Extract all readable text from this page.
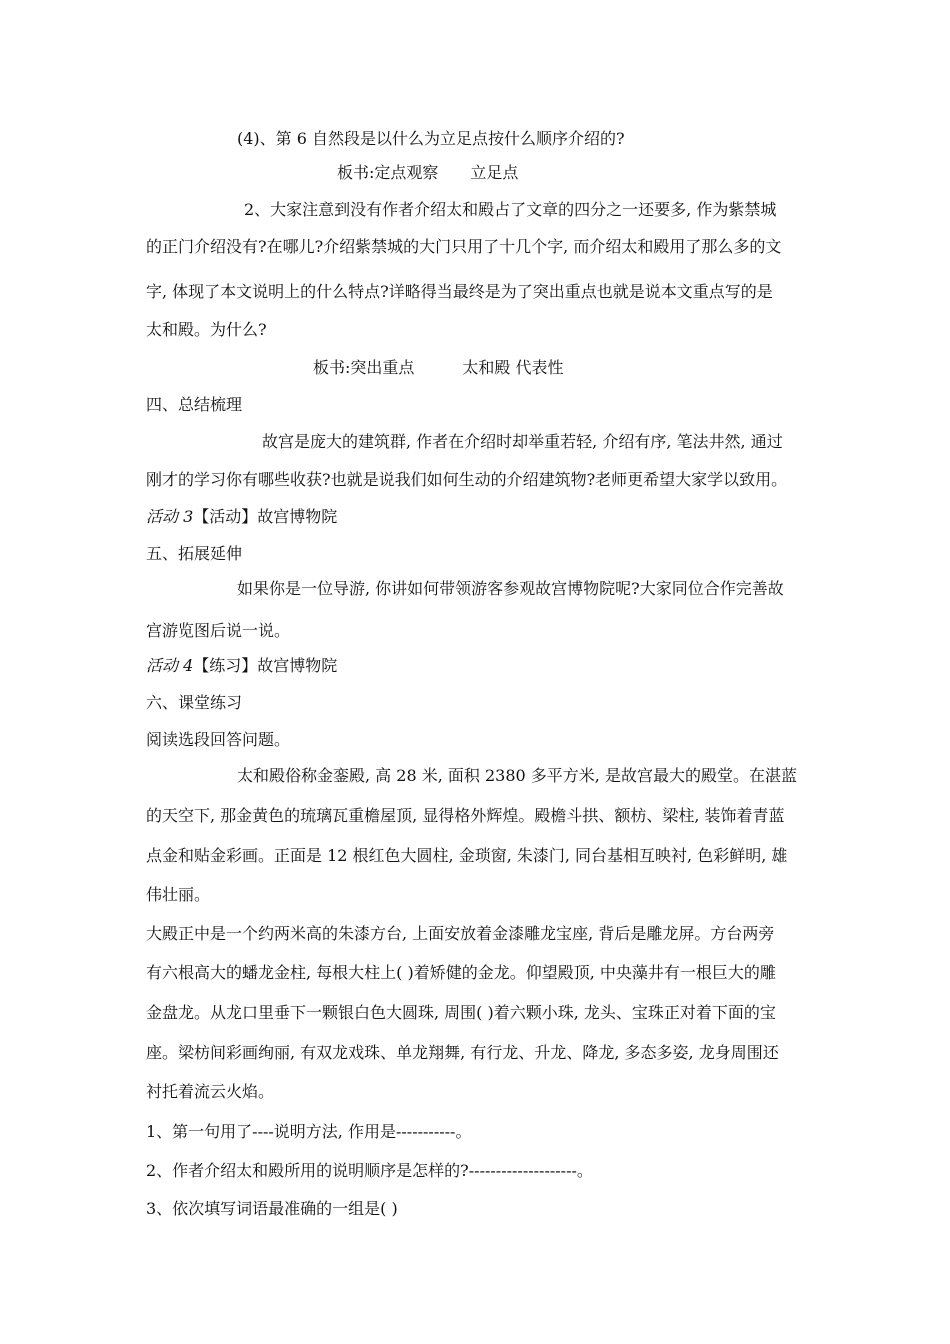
(4)、第 6 自然段是以什么为立足点按什么顺序介绍的?
板书:定点观察　　立足点
2、大家注意到没有作者介绍太和殿占了文章的四分之一还要多, 作为紫禁城
的正门介绍没有?在哪儿?介绍紫禁城的大门只用了十几个字, 而介绍太和殿用了那么多的文
字, 体现了本文说明上的什么特点?详略得当最终是为了突出重点也就是说本文重点写的是
太和殿。为什么?
板书:突出重点　　　太和殿 代表性
四、总结梳理
故宫是庞大的建筑群, 作者在介绍时却举重若轻, 介绍有序, 笔法井然, 通过
刚才的学习你有哪些收获?也就是说我们如何生动的介绍建筑物?老师更希望大家学以致用。
活动 3【活动】故宫博物院
五、拓展延伸
如果你是一位导游, 你讲如何带领游客参观故宫博物院呢?大家同位合作完善故
宫游览图后说一说。
活动 4【练习】故宫博物院
六、课堂练习
阅读选段回答问题。
太和殿俗称金銮殿, 高 28 米, 面积 2380 多平方米, 是故宫最大的殿堂。在湛蓝
的天空下, 那金黄色的琉璃瓦重檐屋顶, 显得格外辉煌。殿檐斗拱、额枋、梁柱, 装饰着青蓝
点金和贴金彩画。正面是 12 根红色大圆柱, 金琐窗, 朱漆门, 同台基相互映衬, 色彩鲜明, 雄
伟壮丽。
大殿正中是一个约两米高的朱漆方台, 上面安放着金漆雕龙宝座, 背后是雕龙屏。方台两旁
有六根高大的蟠龙金柱, 每根大柱上( )着矫健的金龙。仰望殿顶, 中央藻井有一根巨大的雕
金盘龙。从龙口里垂下一颗银白色大圆珠, 周围( )着六颗小珠, 龙头、宝珠正对着下面的宝
座。梁枋间彩画绚丽, 有双龙戏珠、单龙翔舞, 有行龙、升龙、降龙, 多态多姿, 龙身周围还
衬托着流云火焰。
1、第一句用了----说明方法, 作用是-----------。
2、作者介绍太和殿所用的说明顺序是怎样的?--------------------。
3、依次填写词语最准确的一组是( )
